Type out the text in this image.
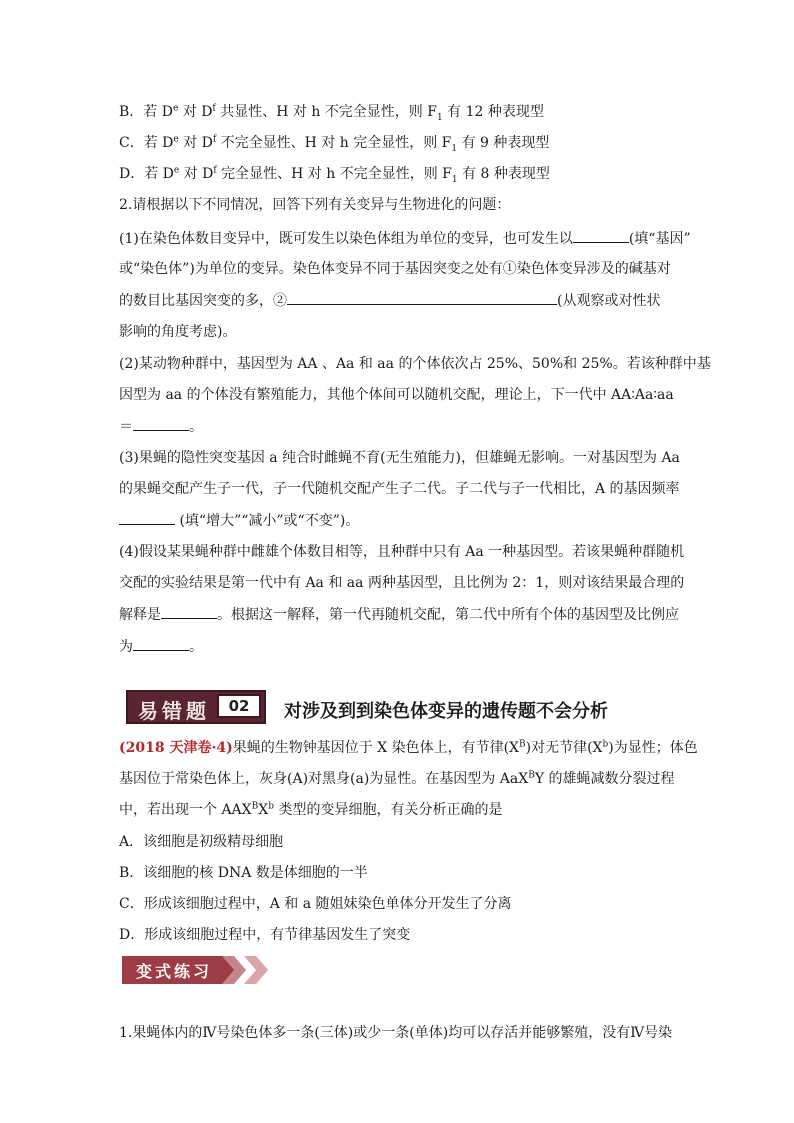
B．若 De 对 $D^f$ 共显性、H 对 h 不完全显性，则 $F_1$ 有 12 种表现型
C．若 De 对 $D^f$ 不完全显性、H 对 h 完全显性，则 $F_1$ 有 9 种表现型
D．若 De 对 $D^f$ 完全显性、H 对 h 不完全显性，则 $F_1$ 有 8 种表现型
2.请根据以下不同情况，回答下列有关变异与生物进化的问题：
(1)在染色体数目变异中，既可发生以染色体组为单位的变异，也可发生以	(填“基因”
或“染色体”)为单位的变异。染色体变异不同于基因突变之处有①染色体变异涉及的碱基对
的数目比基因突变的多，②	(从观察或对性状
影响的角度考虑)。
(2)某动物种群中，基因型为 AA 、Aa 和 aa 的个体依次占 25%、50%和 25%。若该种群中基
因型为 aa 的个体没有繁殖能力，其他个体间可以随机交配，理论上，下一代中 AA∶Aa∶aa
＝	。
(3)果蝇的隐性突变基因 a 纯合时雌蝇不育(无生殖能力)，但雄蝇无影响。一对基因型为 Aa
的果蝇交配产生子一代，子一代随机交配产生子二代。子二代与子一代相比，A 的基因频率
(填“增大”“减小”或“不变”)。
(4)假设某果蝇种群中雌雄个体数目相等，且种群中只有 Aa 一种基因型。若该果蝇种群随机
交配的实验结果是第一代中有 Aa 和 aa 两种基因型，且比例为 2：1，则对该结果最合理的
解释是	。根据这一解释，第一代再随机交配，第二代中所有个体的基因型及比例应
为	。
易错题	02	对涉及到到染色体变异的遗传题不会分析
(2018 天津卷·4)果蝇的生物钟基因位于 X 染色体上，有节律$(X^B)$对无节律$(X^b)$为显性；体色
基因位于常染色体上，灰身(A)对黑身(a)为显性。在基因型为 AaX$^B$Y 的雄蝇减数分裂过程
中，若出现一个 $AAX^BX^b$ 类型的变异细胞，有关分析正确的是
A．该细胞是初级精母细胞
B．该细胞的核 DNA 数是体细胞的一半
C．形成该细胞过程中，A 和 a 随姐妹染色单体分开发生了分离
D．形成该细胞过程中，有节律基因发生了突变
变式练习
1.果蝇体内的Ⅳ号染色体多一条(三体)或少一条(单体)均可以存活并能够繁殖，没有Ⅳ号染
